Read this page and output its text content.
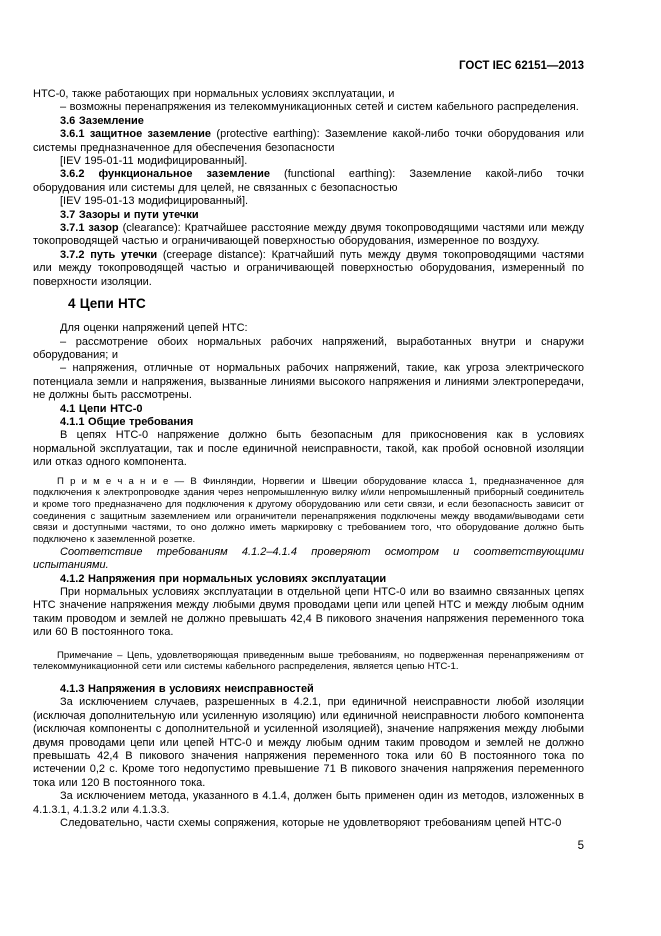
ГОСТ IEC 62151—2013

НТС-0, также работающих при нормальных условиях эксплуатации, и

– возможны перенапряжения из телекоммуникационных сетей и систем кабельного распределения.

3.6 Заземление

3.6.1 защитное заземление (protective earthing): Заземление какой-либо точки оборудования или системы предназначенное для обеспечения безопасности

[IEV 195-01-11 модифицированный].

3.6.2 функциональное заземление (functional earthing): Заземление какой-либо точки оборудования или системы для целей, не связанных с безопасностью

[IEV 195-01-13 модифицированный].

3.7 Зазоры и пути утечки

3.7.1 зазор (clearance): Кратчайшее расстояние между двумя токопроводящими частями или между токопроводящей частью и ограничивающей поверхностью оборудования, измеренное по воздуху.

3.7.2 путь утечки (creepage distance): Кратчайший путь между двумя токопроводящими частями или между токопроводящей частью и ограничивающей поверхностью оборудования, измеренный по поверхности изоляции.

4 Цепи НТС

Для оценки напряжений цепей НТС:

– рассмотрение обоих нормальных рабочих напряжений, выработанных внутри и снаружи оборудования; и

– напряжения, отличные от нормальных рабочих напряжений, такие, как угроза электрического потенциала земли и напряжения, вызванные линиями высокого напряжения и линиями электропередачи, не должны быть рассмотрены.

4.1 Цепи НТС-0

4.1.1 Общие требования

В цепях НТС-0 напряжение должно быть безопасным для прикосновения как в условиях нормальной эксплуатации, так и после единичной неисправности, такой, как пробой основной изоляции или отказ одного компонента.

П р и м е ч а н и е — В Финляндии, Норвегии и Швеции оборудование класса 1, предназначенное для подключения к электропроводке здания через непромышленную вилку и/или непромышленный приборный соединитель и кроме того предназначено для подключения к другому оборудованию или сети связи, и если безопасность зависит от соединения с защитным заземлением или ограничители перенапряжения подключены между вводами/выводами сети связи и доступными частями, то оно должно иметь маркировку с требованием того, что оборудование должно быть подключено к заземленной розетке.

Соответствие требованиям 4.1.2–4.1.4 проверяют осмотром и соответствующими испытаниями.

4.1.2 Напряжения при нормальных условиях эксплуатации

При нормальных условиях эксплуатации в отдельной цепи НТС-0 или во взаимно связанных цепях НТС значение напряжения между любыми двумя проводами цепи или цепей НТС и между любым одним таким проводом и землей не должно превышать 42,4 В пикового значения напряжения переменного тока или 60 В постоянного тока.

Примечание – Цепь, удовлетворяющая приведенным выше требованиям, но подверженная перенапряжениям от телекоммуникационной сети или системы кабельного распределения, является цепью НТС-1.

4.1.3 Напряжения в условиях неисправностей

За исключением случаев, разрешенных в 4.2.1, при единичной неисправности любой изоляции (исключая дополнительную или усиленную изоляцию) или единичной неисправности любого компонента (исключая компоненты с дополнительной и усиленной изоляцией), значение напряжения между любыми двумя проводами цепи или цепей НТС-0 и между любым одним таким проводом и землей не должно превышать 42,4 В пикового значения напряжения переменного тока или 60 В постоянного тока по истечении 0,2 с. Кроме того недопустимо превышение 71 В пикового значения напряжения переменного тока или 120 В постоянного тока.

За исключением метода, указанного в 4.1.4, должен быть применен один из методов, изложенных в 4.1.3.1, 4.1.3.2 или 4.1.3.3.

Следовательно, части схемы сопряжения, которые не удовлетворяют требованиям цепей НТС-0

5
